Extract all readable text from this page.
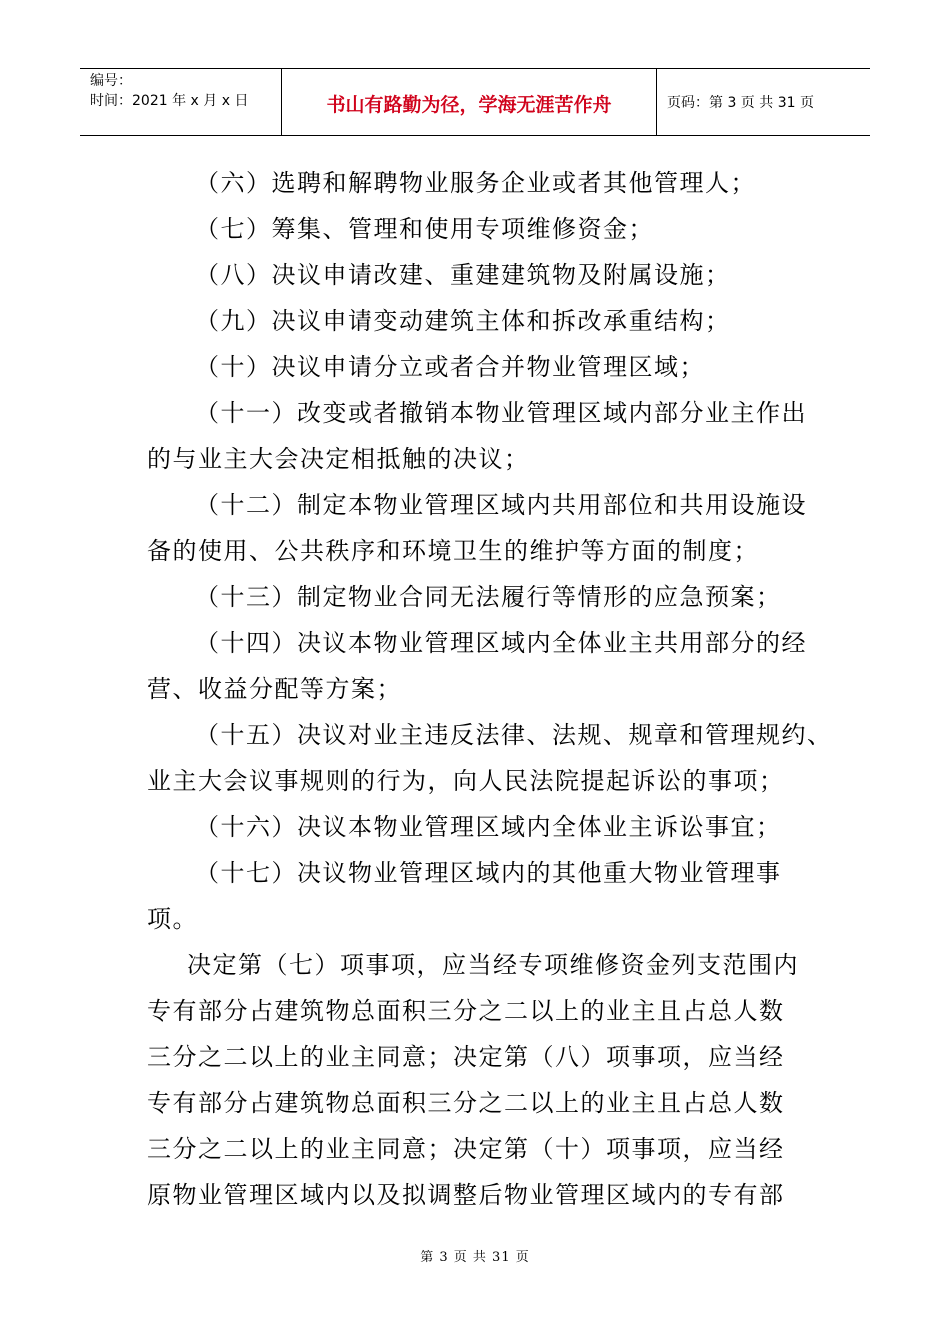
编号：
时间：2021 年 x 月 x 日	书山有路勤为径，学海无涯苦作舟	页码：第 3 页 共 31 页
（六）选聘和解聘物业服务企业或者其他管理人；
（七）筹集、管理和使用专项维修资金；
（八）决议申请改建、重建建筑物及附属设施；
（九）决议申请变动建筑主体和拆改承重结构；
（十）决议申请分立或者合并物业管理区域；
（十一）改变或者撤销本物业管理区域内部分业主作出
的与业主大会决定相抵触的决议；
（十二）制定本物业管理区域内共用部位和共用设施设
备的使用、公共秩序和环境卫生的维护等方面的制度；
（十三）制定物业合同无法履行等情形的应急预案；
（十四）决议本物业管理区域内全体业主共用部分的经
营、收益分配等方案；
（十五）决议对业主违反法律、法规、规章和管理规约、
业主大会议事规则的行为，向人民法院提起诉讼的事项；
（十六）决议本物业管理区域内全体业主诉讼事宜；
（十七）决议物业管理区域内的其他重大物业管理事
项。
决定第（七）项事项，应当经专项维修资金列支范围内
专有部分占建筑物总面积三分之二以上的业主且占总人数
三分之二以上的业主同意；决定第（八）项事项，应当经
专有部分占建筑物总面积三分之二以上的业主且占总人数
三分之二以上的业主同意；决定第（十）项事项，应当经
原物业管理区域内以及拟调整后物业管理区域内的专有部
第 3 页 共 31 页
